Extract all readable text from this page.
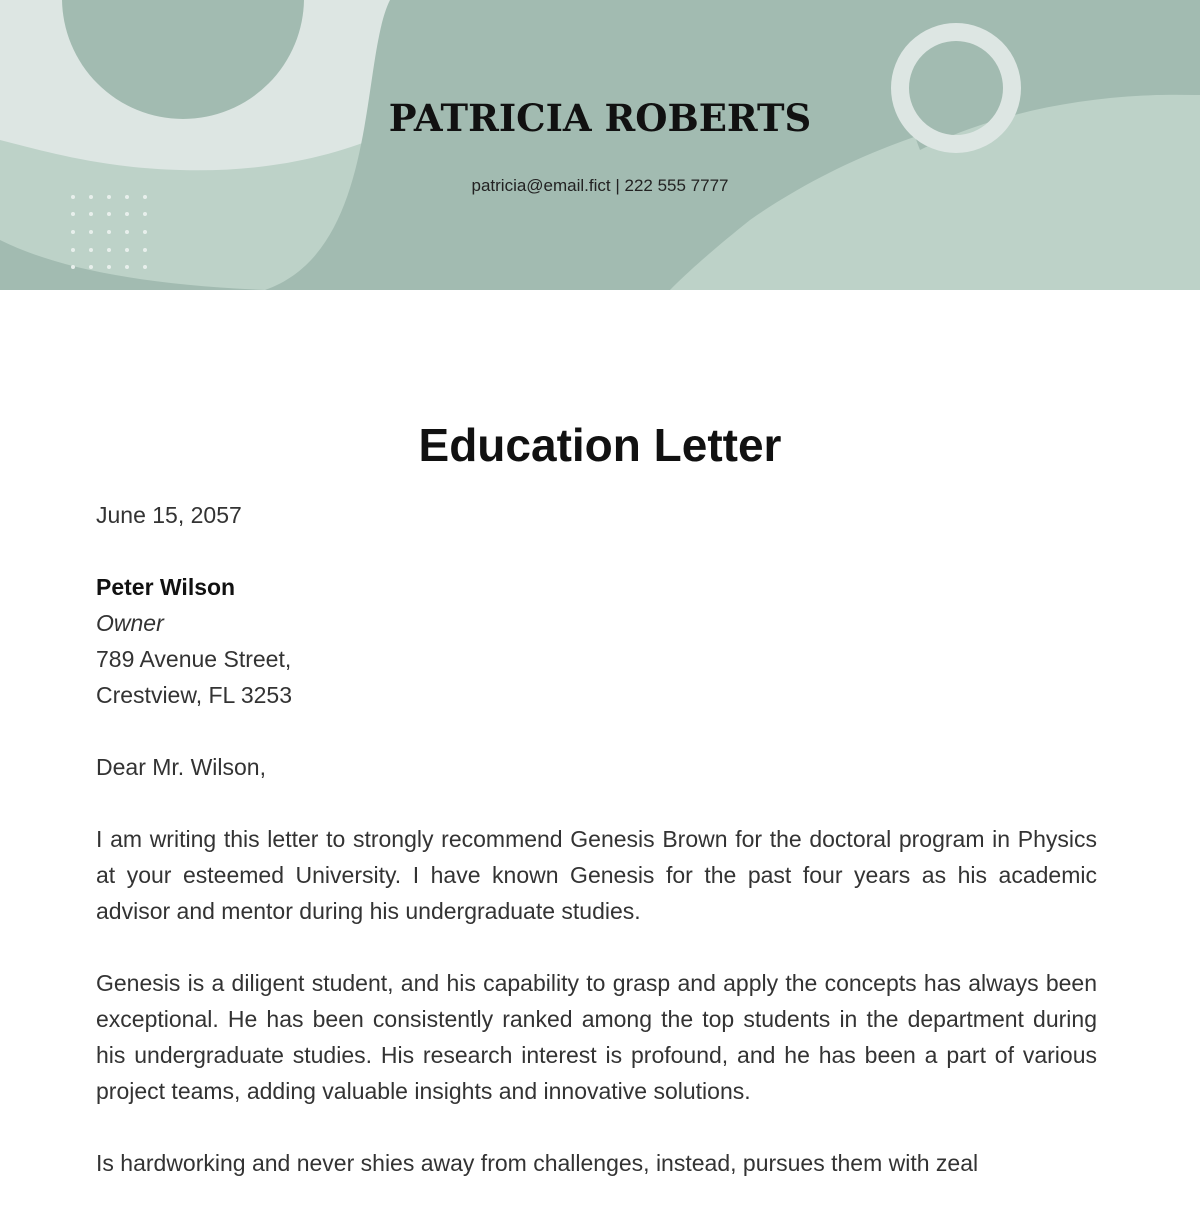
PATRICIA ROBERTS
patricia@email.fict | 222 555 7777
Education Letter

June 15, 2057

Peter Wilson
Owner
789 Avenue Street,
Crestview, FL 3253

Dear Mr. Wilson,

I am writing this letter to strongly recommend Genesis Brown for the doctoral program in Physics at your esteemed University. I have known Genesis for the past four years as his academic advisor and mentor during his undergraduate studies.

Genesis is a diligent student, and his capability to grasp and apply the concepts has always been exceptional. He has been consistently ranked among the top students in the department during his undergraduate studies. His research interest is profound, and he has been a part of various project teams, adding valuable insights and innovative solutions.

Is hardworking and never shies away from challenges, instead, pursues them with zeal
